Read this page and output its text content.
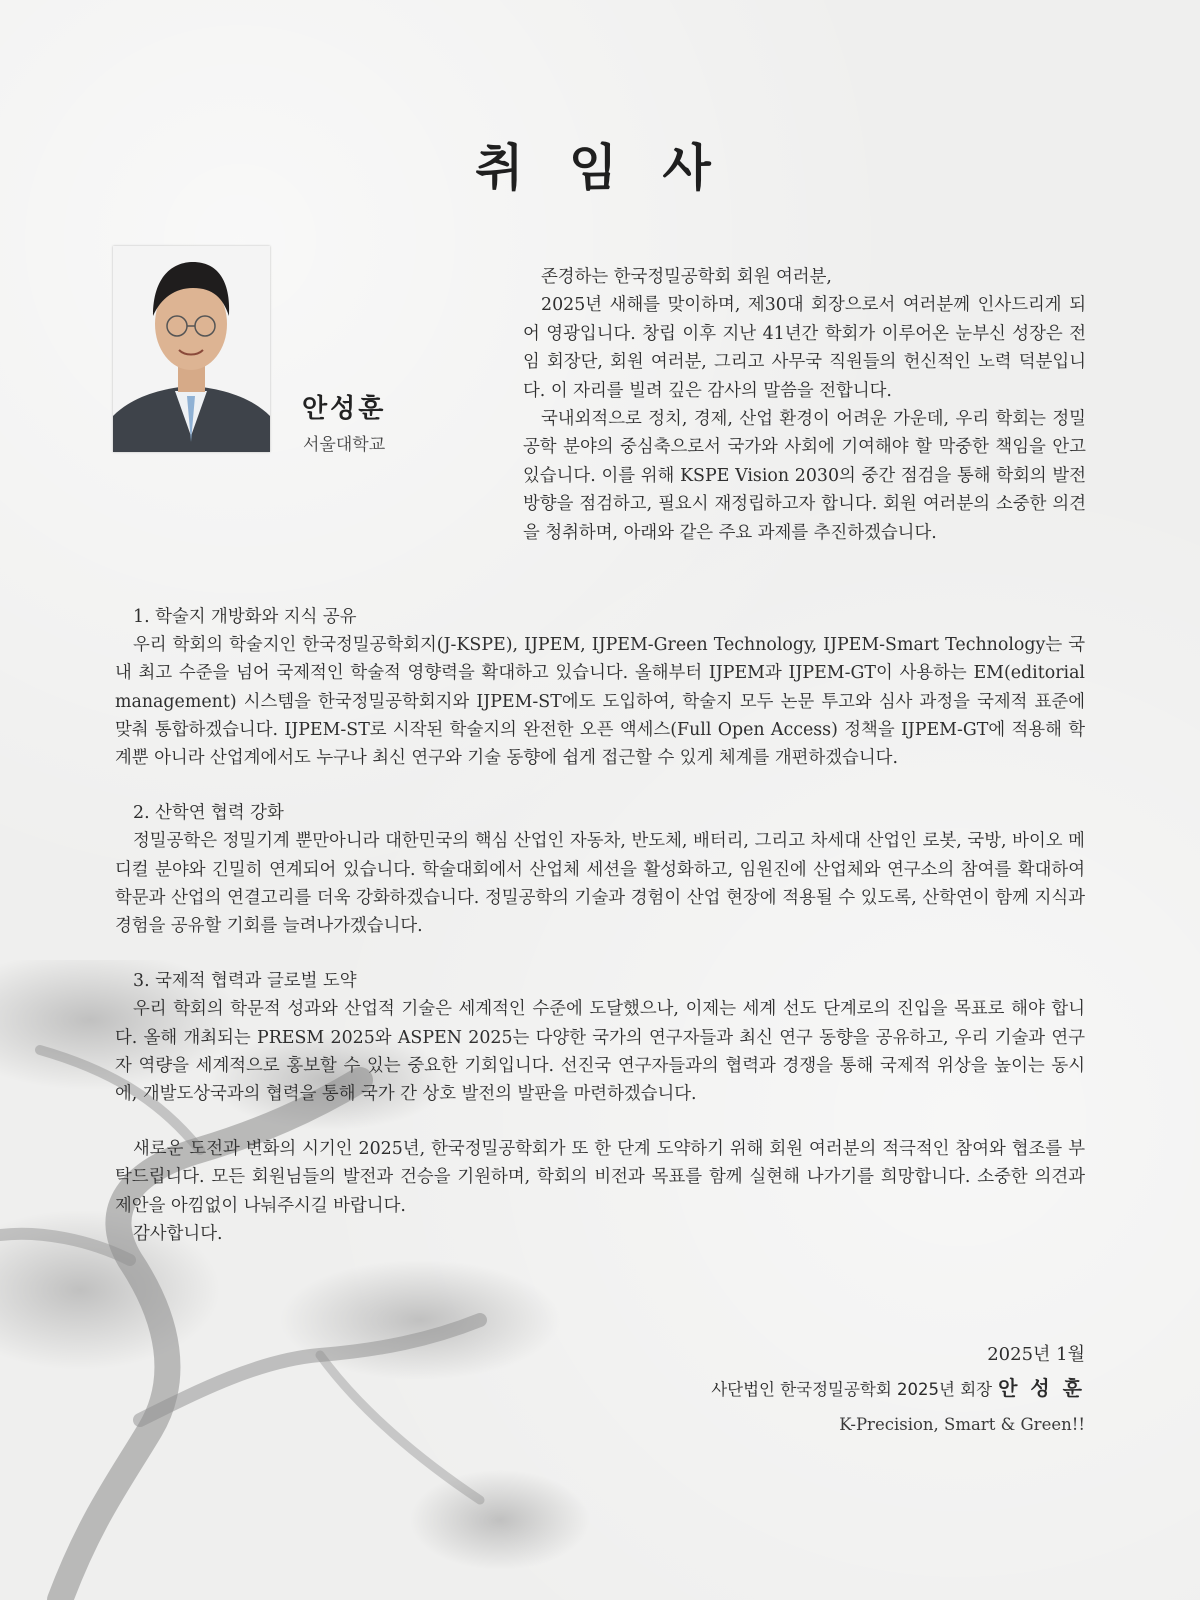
취 임 사
안성훈
서울대학교

존경하는 한국정밀공학회 회원 여러분,

2025년 새해를 맞이하며, 제30대 회장으로서 여러분께 인사드리게 되어 영광입니다. 창립 이후 지난 41년간 학회가 이루어온 눈부신 성장은 전임 회장단, 회원 여러분, 그리고 사무국 직원들의 헌신적인 노력 덕분입니다. 이 자리를 빌려 깊은 감사의 말씀을 전합니다.

국내외적으로 정치, 경제, 산업 환경이 어려운 가운데, 우리 학회는 정밀공학 분야의 중심축으로서 국가와 사회에 기여해야 할 막중한 책임을 안고 있습니다. 이를 위해 KSPE Vision 2030의 중간 점검을 통해 학회의 발전 방향을 점검하고, 필요시 재정립하고자 합니다. 회원 여러분의 소중한 의견을 청취하며, 아래와 같은 주요 과제를 추진하겠습니다.

1. 학술지 개방화와 지식 공유

우리 학회의 학술지인 한국정밀공학회지(J-KSPE), IJPEM, IJPEM-Green Technology, IJPEM-Smart Technology는 국내 최고 수준을 넘어 국제적인 학술적 영향력을 확대하고 있습니다. 올해부터 IJPEM과 IJPEM-GT이 사용하는 EM(editorial management) 시스템을 한국정밀공학회지와 IJPEM-ST에도 도입하여, 학술지 모두 논문 투고와 심사 과정을 국제적 표준에 맞춰 통합하겠습니다. IJPEM-ST로 시작된 학술지의 완전한 오픈 액세스(Full Open Access) 정책을 IJPEM-GT에 적용해 학계뿐 아니라 산업계에서도 누구나 최신 연구와 기술 동향에 쉽게 접근할 수 있게 체계를 개편하겠습니다.

2. 산학연 협력 강화

정밀공학은 정밀기계 뿐만아니라 대한민국의 핵심 산업인 자동차, 반도체, 배터리, 그리고 차세대 산업인 로봇, 국방, 바이오 메디컬 분야와 긴밀히 연계되어 있습니다. 학술대회에서 산업체 세션을 활성화하고, 임원진에 산업체와 연구소의 참여를 확대하여 학문과 산업의 연결고리를 더욱 강화하겠습니다. 정밀공학의 기술과 경험이 산업 현장에 적용될 수 있도록, 산학연이 함께 지식과 경험을 공유할 기회를 늘려나가겠습니다.

3. 국제적 협력과 글로벌 도약

우리 학회의 학문적 성과와 산업적 기술은 세계적인 수준에 도달했으나, 이제는 세계 선도 단계로의 진입을 목표로 해야 합니다. 올해 개최되는 PRESM 2025와 ASPEN 2025는 다양한 국가의 연구자들과 최신 연구 동향을 공유하고, 우리 기술과 연구자 역량을 세계적으로 홍보할 수 있는 중요한 기회입니다. 선진국 연구자들과의 협력과 경쟁을 통해 국제적 위상을 높이는 동시에, 개발도상국과의 협력을 통해 국가 간 상호 발전의 발판을 마련하겠습니다.

새로운 도전과 변화의 시기인 2025년, 한국정밀공학회가 또 한 단계 도약하기 위해 회원 여러분의 적극적인 참여와 협조를 부탁드립니다. 모든 회원님들의 발전과 건승을 기원하며, 학회의 비전과 목표를 함께 실현해 나가기를 희망합니다. 소중한 의견과 제안을 아낌없이 나눠주시길 바랍니다.

감사합니다.

2025년 1월
사단법인 한국정밀공학회 2025년 회장 안 성 훈
K-Precision, Smart & Green!!
